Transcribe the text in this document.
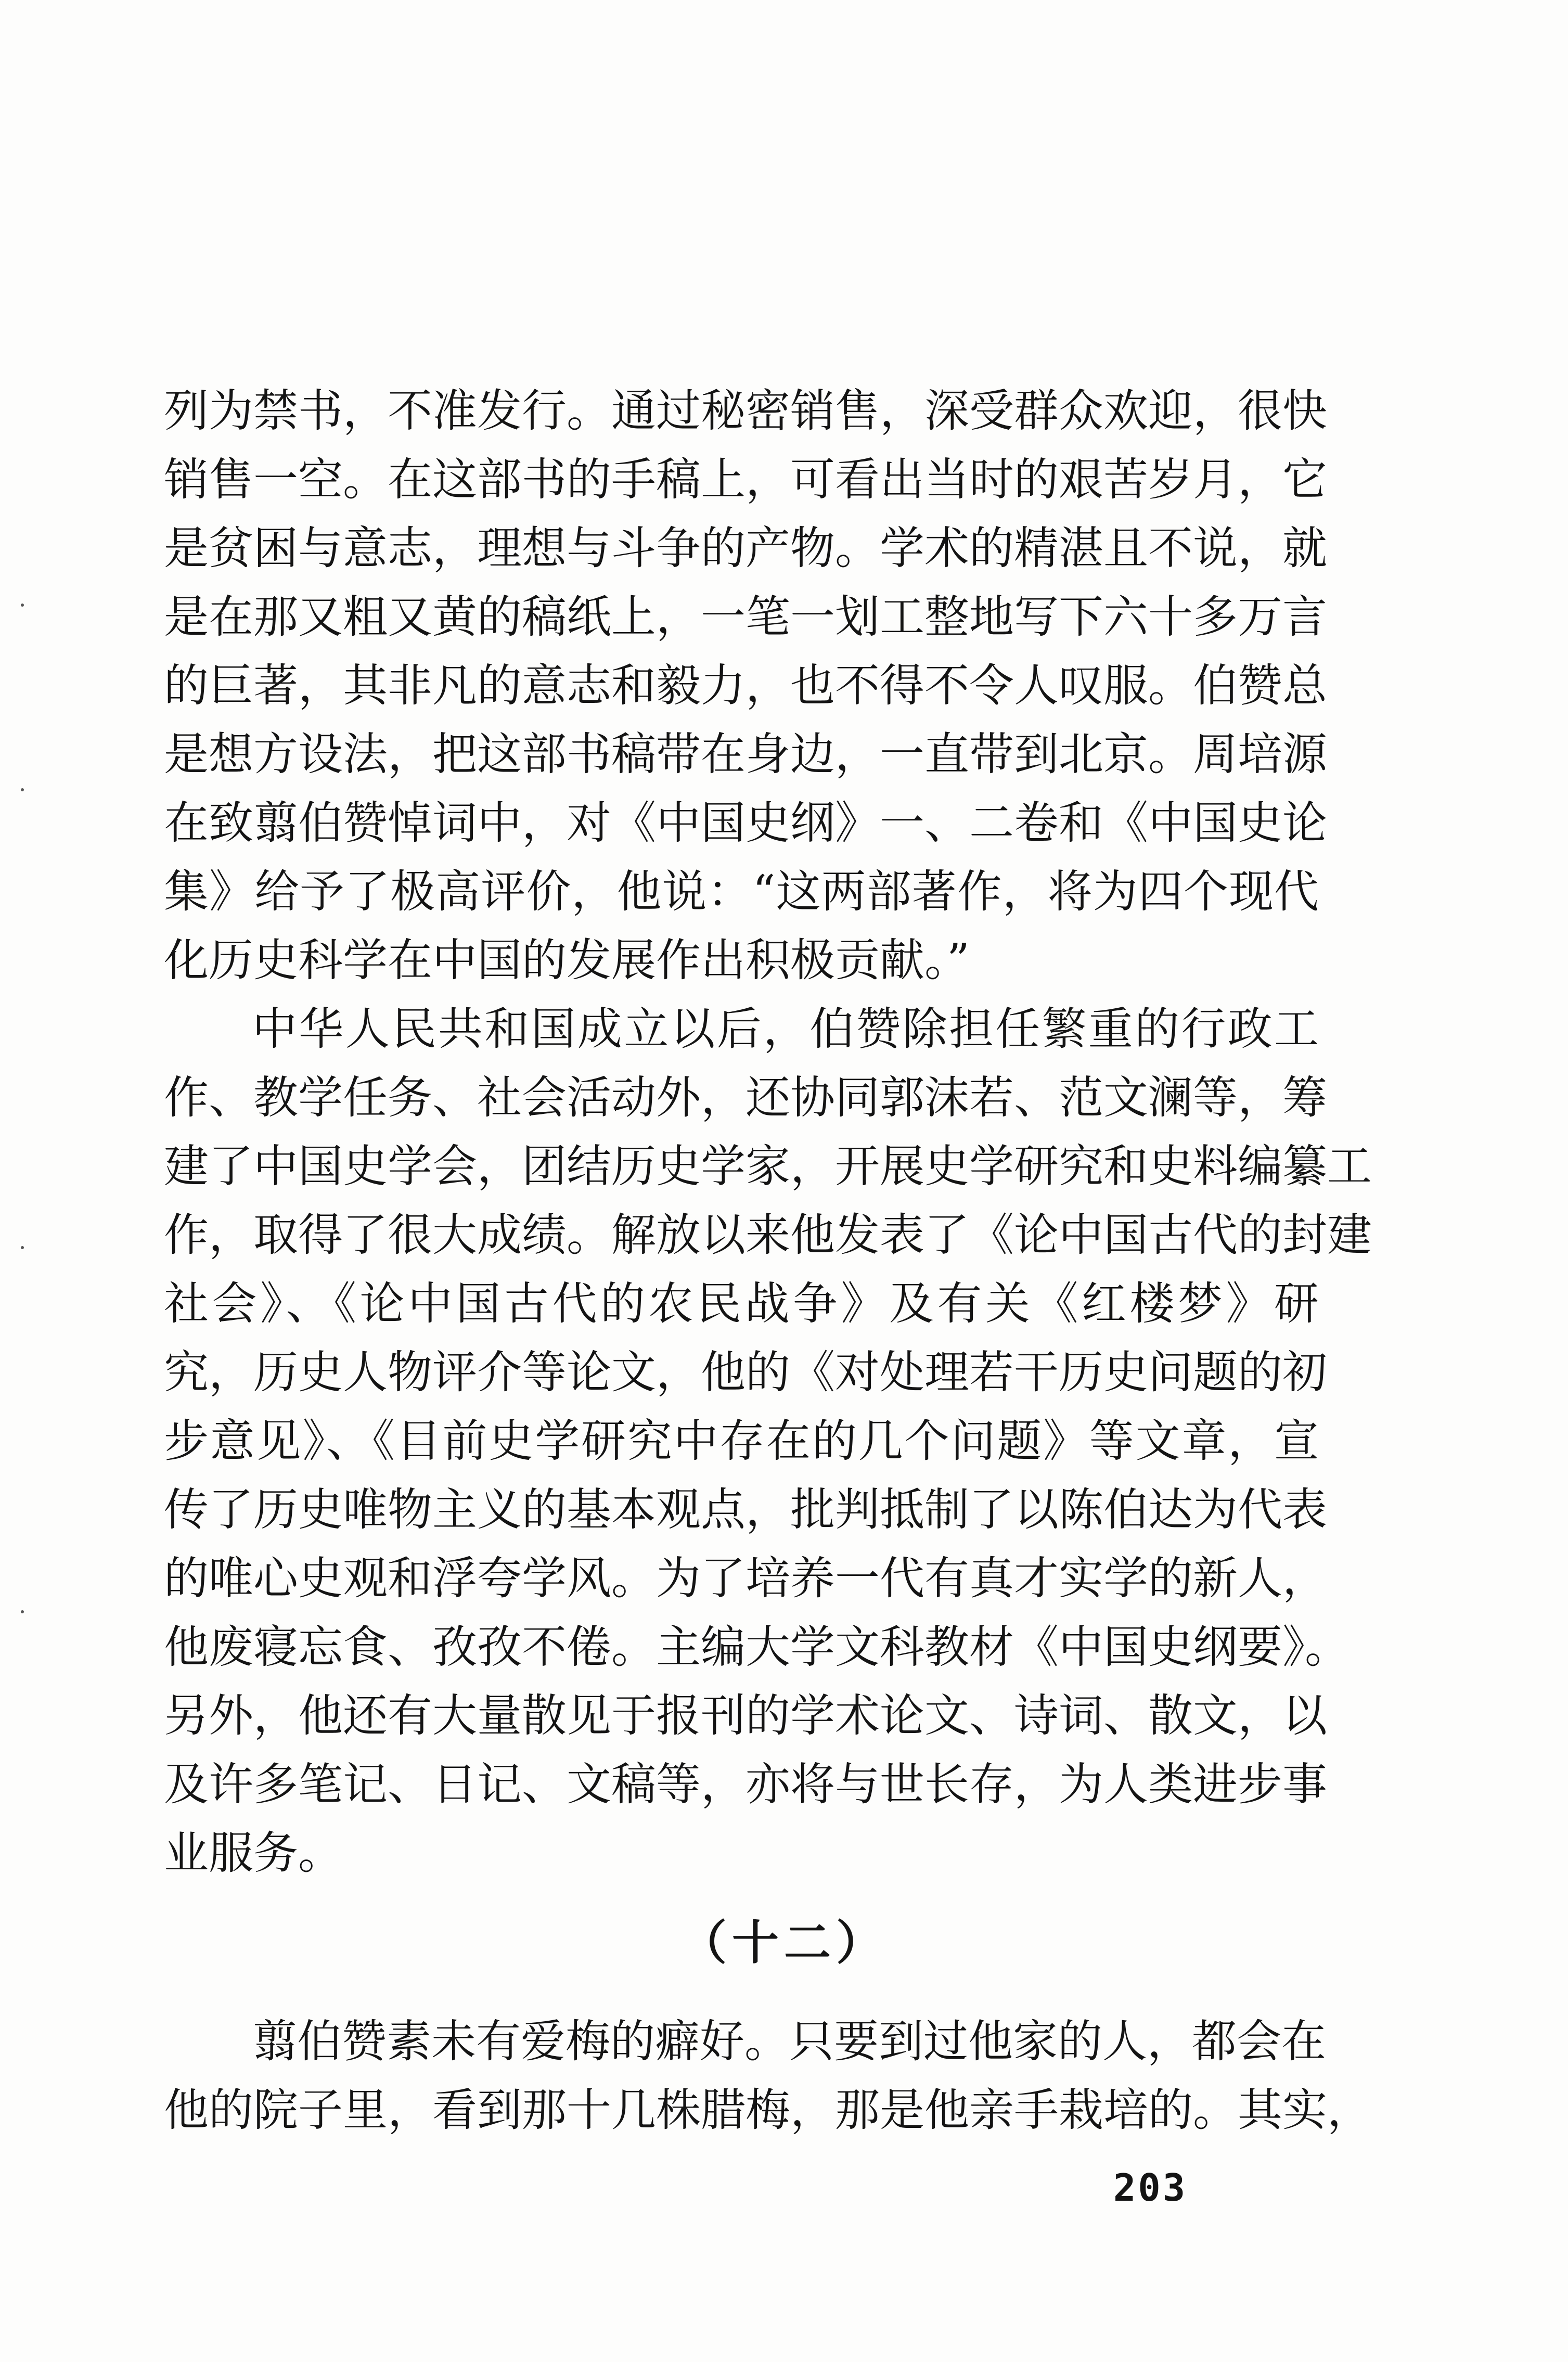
列为禁书，不准发行。通过秘密销售，深受群众欢迎，很快
销售一空。在这部书的手稿上，可看出当时的艰苦岁月，它
是贫困与意志，理想与斗争的产物。学术的精湛且不说，就
是在那又粗又黄的稿纸上，一笔一划工整地写下六十多万言
的巨著，其非凡的意志和毅力，也不得不令人叹服。伯赞总
是想方设法，把这部书稿带在身边，一直带到北京。周培源
在致翦伯赞悼词中，对《中国史纲》一、二卷和《中国史论
集》给予了极高评价，他说：“这两部著作，将为四个现代
化历史科学在中国的发展作出积极贡献。”
中华人民共和国成立以后，伯赞除担任繁重的行政工
作、教学任务、社会活动外，还协同郭沫若、范文澜等，筹
建了中国史学会，团结历史学家，开展史学研究和史料编纂工
作，取得了很大成绩。解放以来他发表了《论中国古代的封建
社会》、《论中国古代的农民战争》及有关《红楼梦》研
究，历史人物评介等论文，他的《对处理若干历史问题的初
步意见》、《目前史学研究中存在的几个问题》等文章，宣
传了历史唯物主义的基本观点，批判抵制了以陈伯达为代表
的唯心史观和浮夸学风。为了培养一代有真才实学的新人，
他废寝忘食、孜孜不倦。主编大学文科教材《中国史纲要》。
另外，他还有大量散见于报刊的学术论文、诗词、散文，以
（十二）
翦伯赞素未有爱梅的癖好。只要到过他家的人，都会在
他的院子里，看到那十几株腊梅，那是他亲手栽培的。其实，
203
及许多笔记、日记、文稿等，亦将与世长存，为人类进步事
业服务。
